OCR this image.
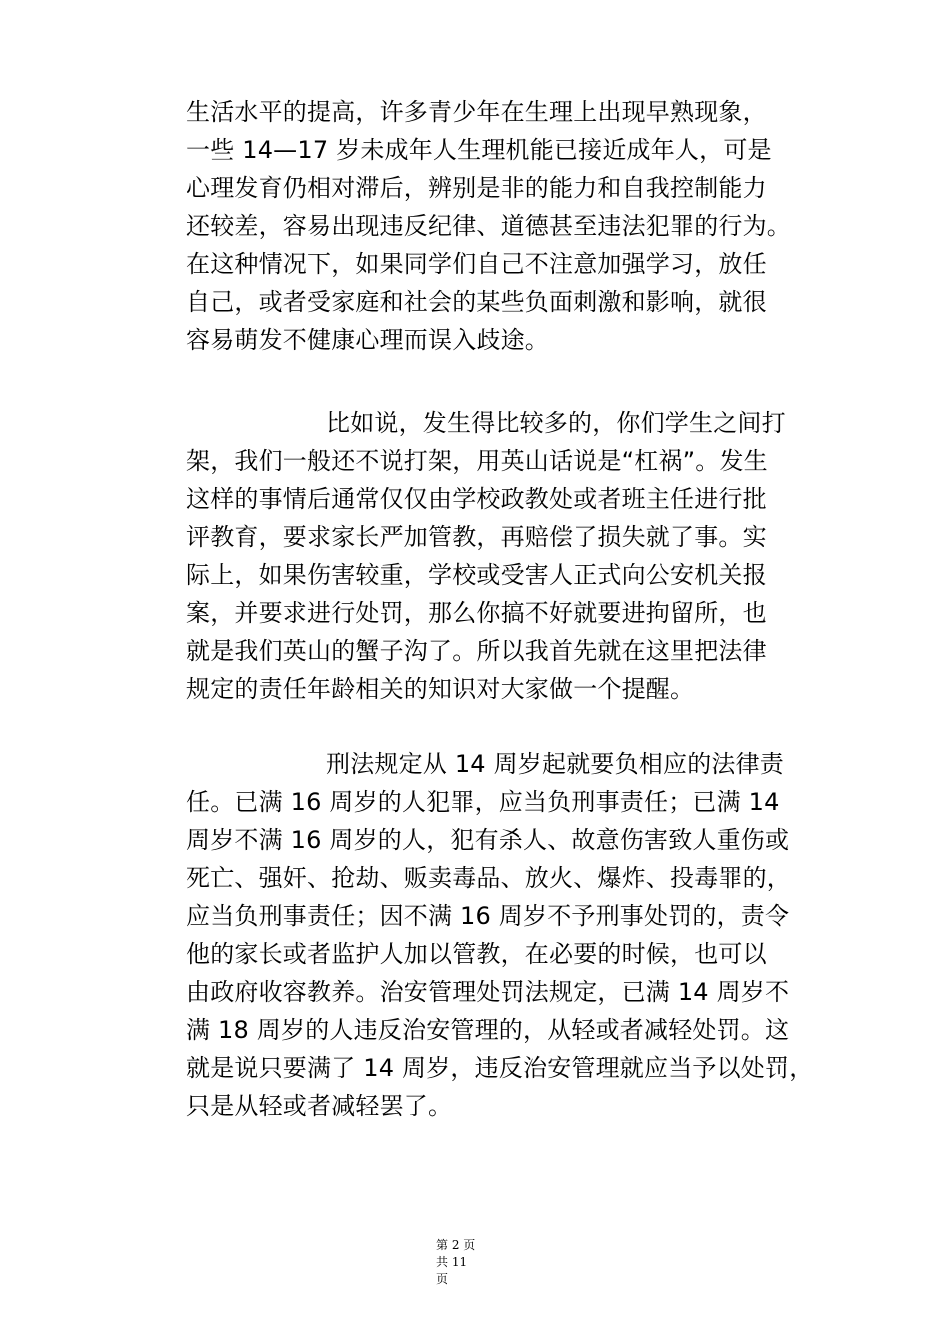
生活水平的提高，许多青少年在生理上出现早熟现象，
一些 14—17 岁未成年人生理机能已接近成年人，可是
心理发育仍相对滞后，辨别是非的能力和自我控制能力
还较差，容易出现违反纪律、道德甚至违法犯罪的行为。
在这种情况下，如果同学们自己不注意加强学习，放任
自己，或者受家庭和社会的某些负面刺激和影响，就很
容易萌发不健康心理而误入歧途。
比如说，发生得比较多的，你们学生之间打
架，我们一般还不说打架，用英山话说是“杠祸”。发生
这样的事情后通常仅仅由学校政教处或者班主任进行批
评教育，要求家长严加管教，再赔偿了损失就了事。实
际上，如果伤害较重，学校或受害人正式向公安机关报
案，并要求进行处罚，那么你搞不好就要进拘留所，也
就是我们英山的蟹子沟了。所以我首先就在这里把法律
规定的责任年龄相关的知识对大家做一个提醒。
刑法规定从 14 周岁起就要负相应的法律责
任。已满 16 周岁的人犯罪，应当负刑事责任；已满 14
周岁不满 16 周岁的人，犯有杀人、故意伤害致人重伤或
死亡、强奸、抢劫、贩卖毒品、放火、爆炸、投毒罪的，
应当负刑事责任；因不满 16 周岁不予刑事处罚的，责令
他的家长或者监护人加以管教，在必要的时候，也可以
由政府收容教养。治安管理处罚法规定，已满 14 周岁不
满 18 周岁的人违反治安管理的，从轻或者减轻处罚。这
就是说只要满了 14 周岁，违反治安管理就应当予以处罚，
只是从轻或者减轻罢了。
第 2 页
共 11
页
